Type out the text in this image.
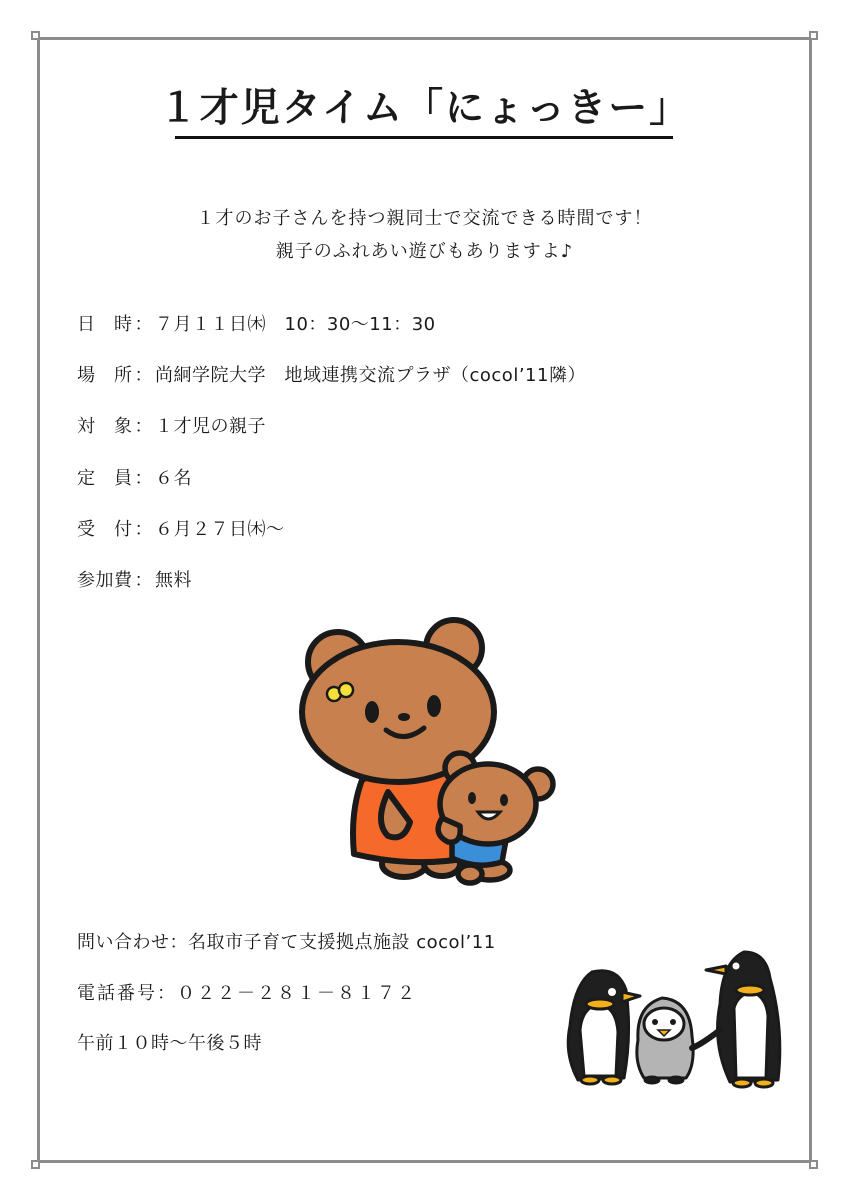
１才児タイム「にょっきー」
１才のお子さんを持つ親同士で交流できる時間です！
親子のふれあい遊びもありますよ♪
日　時 ： ７月１１日㈭　10：30〜11：30
場　所 ： 尚絅学院大学　地域連携交流プラザ（cocol’11隣）
対　象 ： １才児の親子
定　員 ： ６名
受　付 ： ６月２７日㈭〜
参加費 ： 無料
問い合わせ：名取市子育て支援拠点施設 cocol’11
電話番号：０２２－２８１－８１７２
午前１０時〜午後５時
